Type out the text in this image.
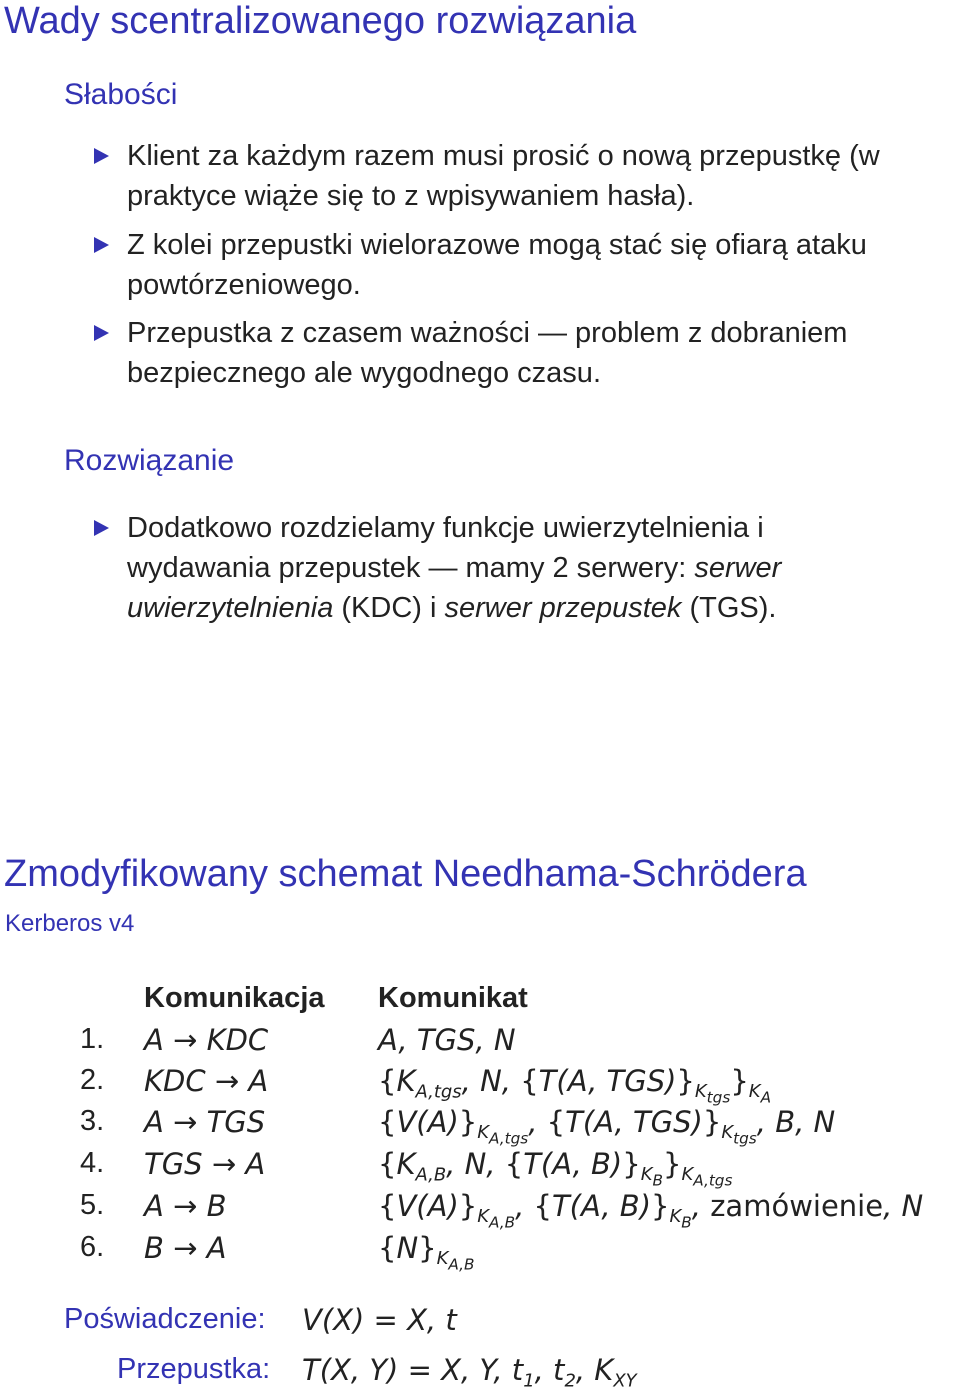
Wady scentralizowanego rozwiązania
Słabości
Klient za każdym razem musi prosić o nową przepustkę (w
praktyce wiąże się to z wpisywaniem hasła).
Z kolei przepustki wielorazowe mogą stać się ofiarą ataku
powtórzeniowego.
Przepustka z czasem ważności — problem z dobraniem
bezpiecznego ale wygodnego czasu.
Rozwiązanie
Dodatkowo rozdzielamy funkcje uwierzytelnienia i
wydawania przepustek — mamy 2 serwery: serwer
uwierzytelnienia (KDC) i serwer przepustek (TGS).
Zmodyfikowany schemat Needhama-Schrödera
Kerberos v4
Komunikacja Komunikat
1. A → KDC
2. KDC → A
3. A → TGS
4. TGS → A
5. A → B
6. B → A
A, TGS, N
{$K_{A,tgs}$, N, {T(A, $TGS)\}_{K_{tgs}}\}_{K_A}$
$\{V(A)\}_{K_{A,tgs}}$, {T(A, $TGS)\}_{K_{tgs}}$, B, N
{$K_{A,B}$, N, {T(A, $B)\}_{K_B}\}_{K_{A,tgs}}$
$\{V(A)\}_{K_{A,B}}$, {T(A, $B)\}_{K_B}$, zamówienie, N
$\{N\}_{K_{A,B}}$
Poświadczenie: V(X) = X, t
Przepustka: T(X, Y) = X, Y, $t_1$, $t_2$, $K_{XY}$
